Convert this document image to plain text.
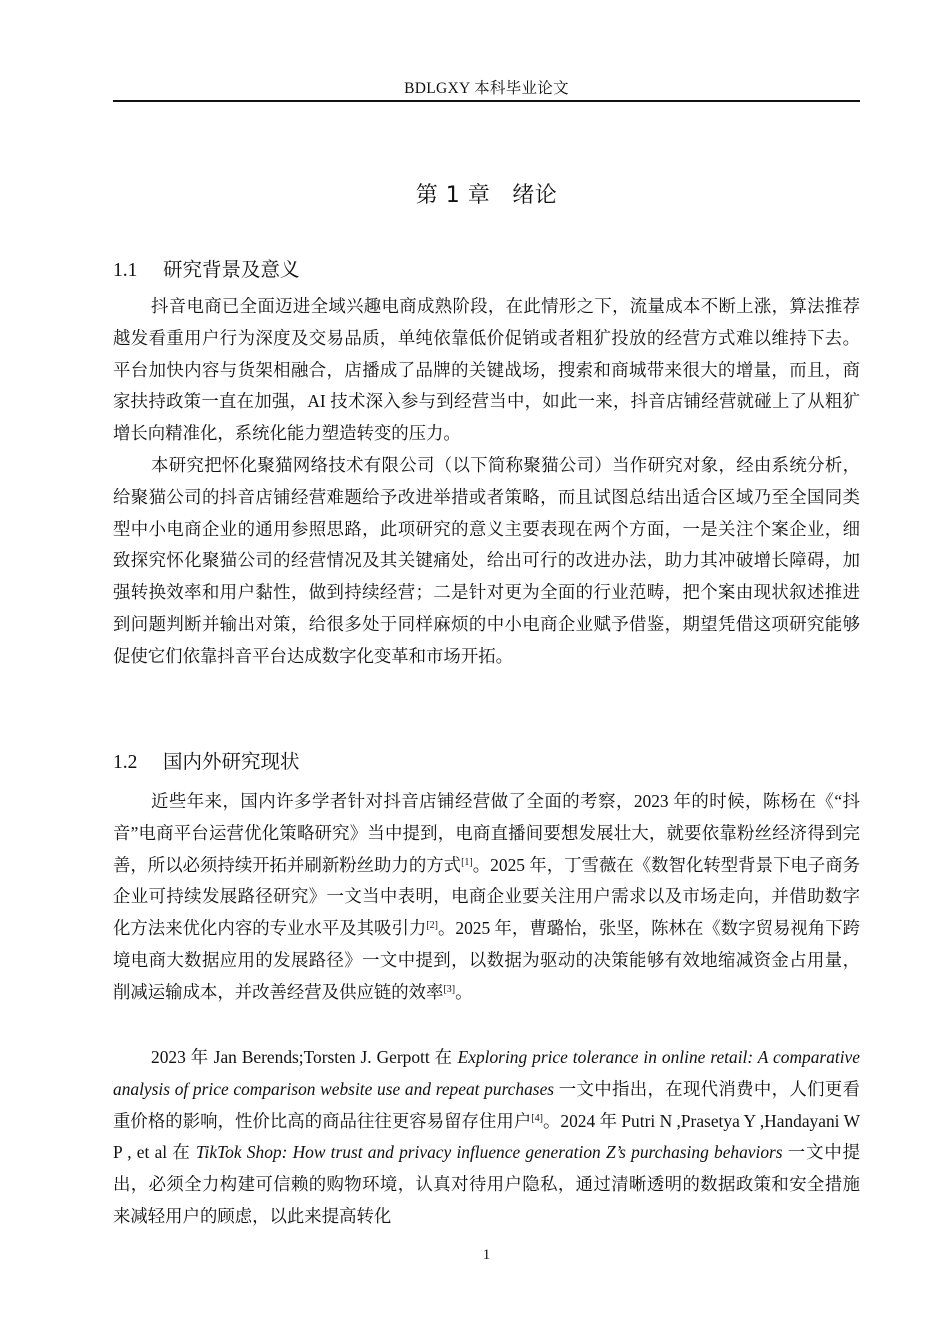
BDLGXY 本科毕业论文
第 1 章 绪论
1.1 研究背景及意义
抖音电商已全面迈进全域兴趣电商成熟阶段，在此情形之下，流量成本不断上涨，算法推荐越发看重用户行为深度及交易品质，单纯依靠低价促销或者粗犷投放的经营方式难以维持下去。平台加快内容与货架相融合，店播成了品牌的关键战场，搜索和商城带来很大的增量，而且，商家扶持政策一直在加强，AI 技术深入参与到经营当中，如此一来，抖音店铺经营就碰上了从粗犷增长向精准化，系统化能力塑造转变的压力。
本研究把怀化聚猫网络技术有限公司（以下简称聚猫公司）当作研究对象，经由系统分析，给聚猫公司的抖音店铺经营难题给予改进举措或者策略，而且试图总结出适合区域乃至全国同类型中小电商企业的通用参照思路，此项研究的意义主要表现在两个方面，一是关注个案企业，细致探究怀化聚猫公司的经营情况及其关键痛处，给出可行的改进办法，助力其冲破增长障碍，加强转换效率和用户黏性，做到持续经营；二是针对更为全面的行业范畴，把个案由现状叙述推进到问题判断并输出对策，给很多处于同样麻烦的中小电商企业赋予借鉴，期望凭借这项研究能够促使它们依靠抖音平台达成数字化变革和市场开拓。
1.2 国内外研究现状
近些年来，国内许多学者针对抖音店铺经营做了全面的考察，2023 年的时候，陈杨在《“抖音”电商平台运营优化策略研究》当中提到，电商直播间要想发展壮大，就要依靠粉丝经济得到完善，所以必须持续开拓并刷新粉丝助力的方式[1]。2025 年，丁雪薇在《数智化转型背景下电子商务企业可持续发展路径研究》一文当中表明，电商企业要关注用户需求以及市场走向，并借助数字化方法来优化内容的专业水平及其吸引力[2]。2025 年，曹璐怡，张坚，陈林在《数字贸易视角下跨境电商大数据应用的发展路径》一文中提到，以数据为驱动的决策能够有效地缩减资金占用量，削减运输成本，并改善经营及供应链的效率[3]。
2023 年 Jan Berends;Torsten J. Gerpott 在 Exploring price tolerance in online retail: A comparative analysis of price comparison website use and repeat purchases 一文中指出，在现代消费中，人们更看重价格的影响，性价比高的商品往往更容易留存住用户[4]。2024 年 Putri N ,Prasetya Y ,Handayani W P , et al 在 TikTok Shop: How trust and privacy influence generation Z’s purchasing behaviors 一文中提出，必须全力构建可信赖的购物环境，认真对待用户隐私，通过清晰透明的数据政策和安全措施来减轻用户的顾虑，以此来提高转化
1
